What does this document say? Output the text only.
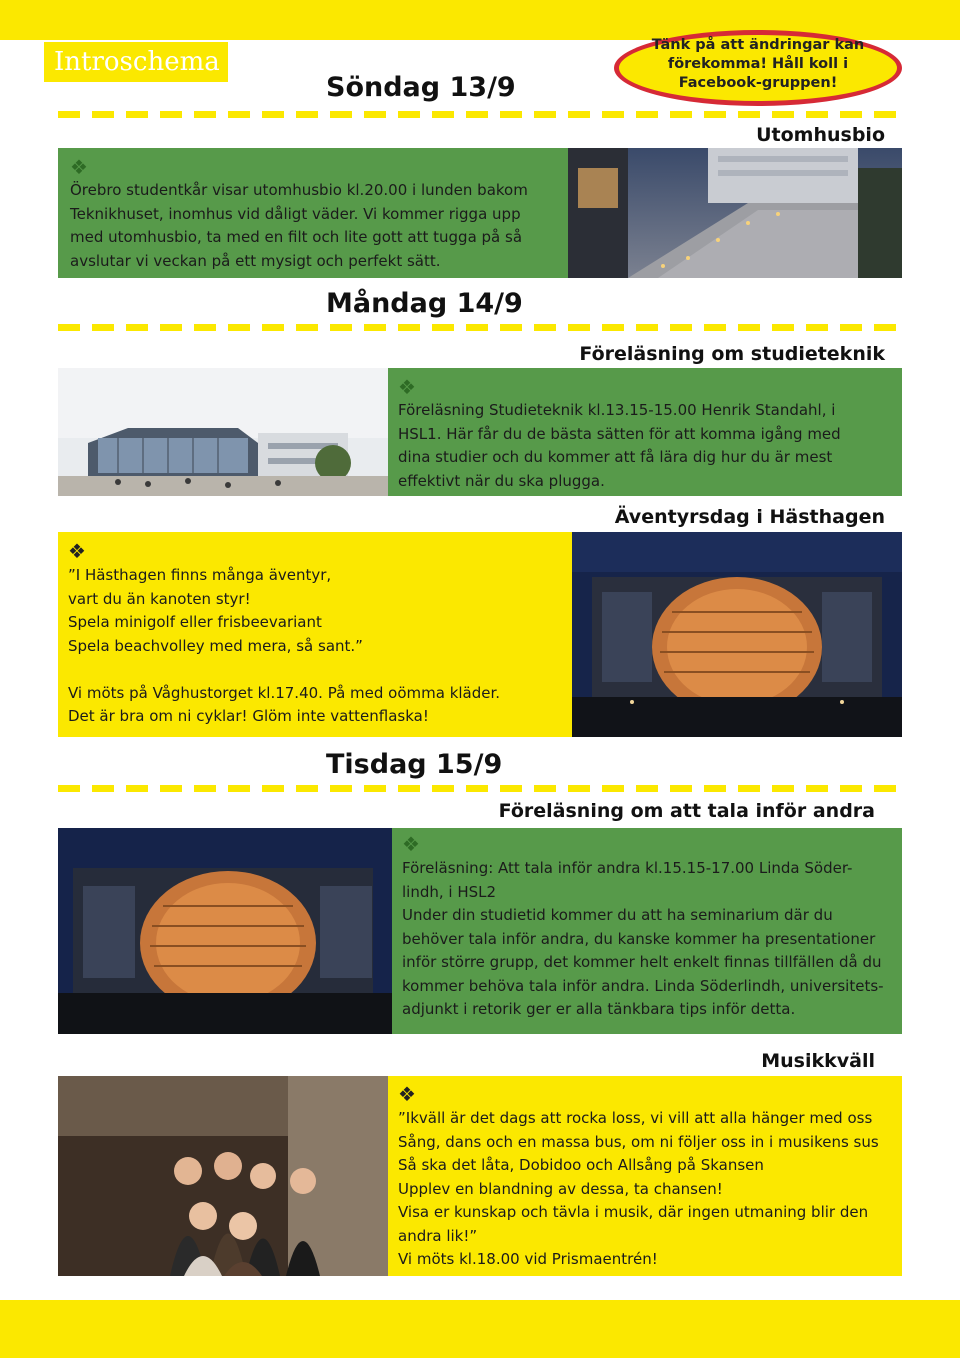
Introschema
Tänk på att ändringar kan förekomma! Håll koll i Facebook-gruppen!
Söndag 13/9
Utomhusbio
❖
Örebro studentkår visar utomhusbio kl.20.00 i lunden bakom
Teknikhuset, inomhus vid dåligt väder. Vi kommer rigga upp
med utomhusbio, ta med en filt och lite gott att tugga på så
avslutar vi veckan på ett mysigt och perfekt sätt.
Måndag 14/9
Föreläsning om studieteknik
❖
Föreläsning Studieteknik kl.13.15-15.00 Henrik Standahl, i
HSL1. Här får du de bästa sätten för att komma igång med
dina studier och du kommer att få lära dig hur du är mest
effektivt när du ska plugga.
Äventyrsdag i Hästhagen
❖
”I Hästhagen finns många äventyr,
vart du än kanoten styr!
Spela minigolf eller frisbeevariant
Spela beachvolley med mera, så sant.”
Vi möts på Våghustorget kl.17.40. På med oömma kläder.
Det är bra om ni cyklar! Glöm inte vattenflaska!
Tisdag 15/9
Föreläsning om att tala inför andra
❖
Föreläsning: Att tala inför andra kl.15.15-17.00 Linda Söder-
lindh, i HSL2
Under din studietid kommer du att ha seminarium där du
behöver tala inför andra, du kanske kommer ha presentationer
inför större grupp, det kommer helt enkelt finnas tillfällen då du
kommer behöva tala inför andra. Linda Söderlindh, universitets-
adjunkt i retorik ger er alla tänkbara tips inför detta.
Musikkväll
❖
”Ikväll är det dags att rocka loss, vi vill att alla hänger med oss
Sång, dans och en massa bus, om ni följer oss in i musikens sus
Så ska det låta, Dobidoo och Allsång på Skansen
Upplev en blandning av dessa, ta chansen!
Visa er kunskap och tävla i musik, där ingen utmaning blir den
andra lik!”
Vi möts kl.18.00 vid Prismaentrén!
